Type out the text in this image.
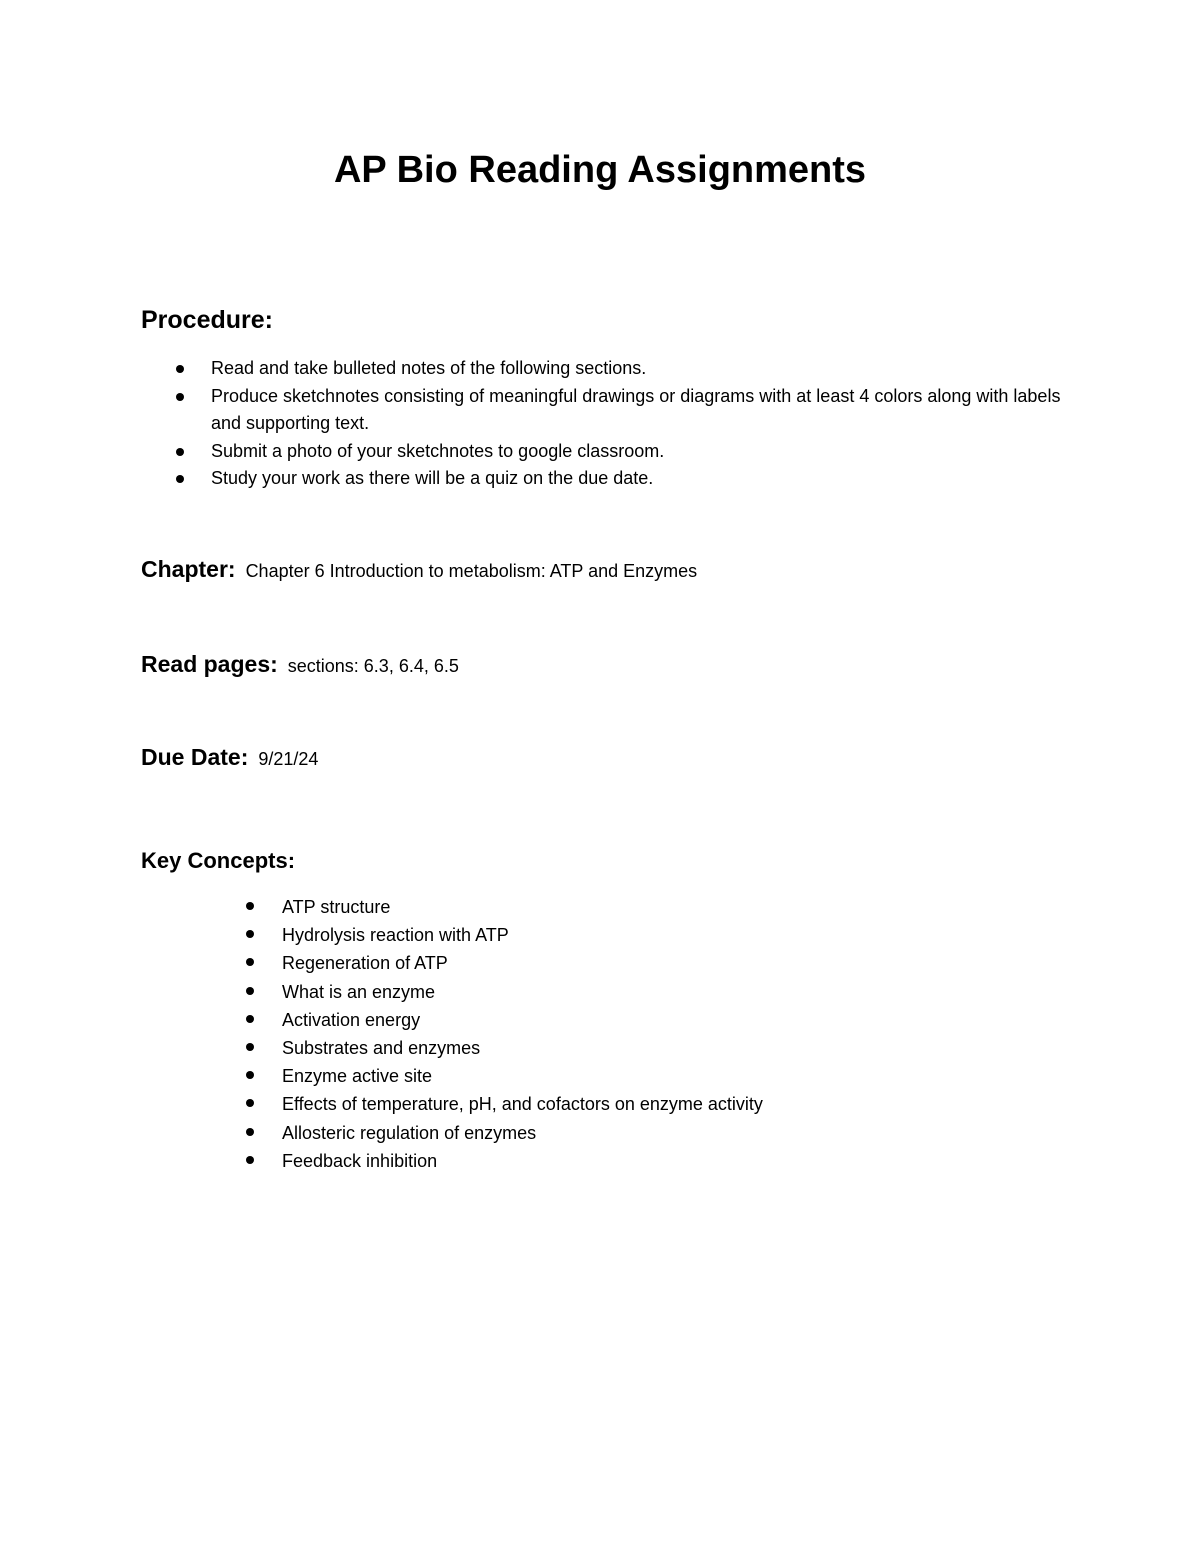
AP Bio Reading Assignments
Procedure:
Read and take bulleted notes of the following sections.
Produce sketchnotes consisting of meaningful drawings or diagrams with at least 4 colors along with labels and supporting text.
Submit a photo of your sketchnotes to google classroom.
Study your work as there will be a quiz on the due date.
Chapter: Chapter 6 Introduction to metabolism: ATP and Enzymes
Read pages: sections: 6.3, 6.4, 6.5
Due Date: 9/21/24
Key Concepts:
ATP structure
Hydrolysis reaction with ATP
Regeneration of ATP
What is an enzyme
Activation energy
Substrates and enzymes
Enzyme active site
Effects of temperature, pH, and cofactors on enzyme activity
Allosteric regulation of enzymes
Feedback inhibition
